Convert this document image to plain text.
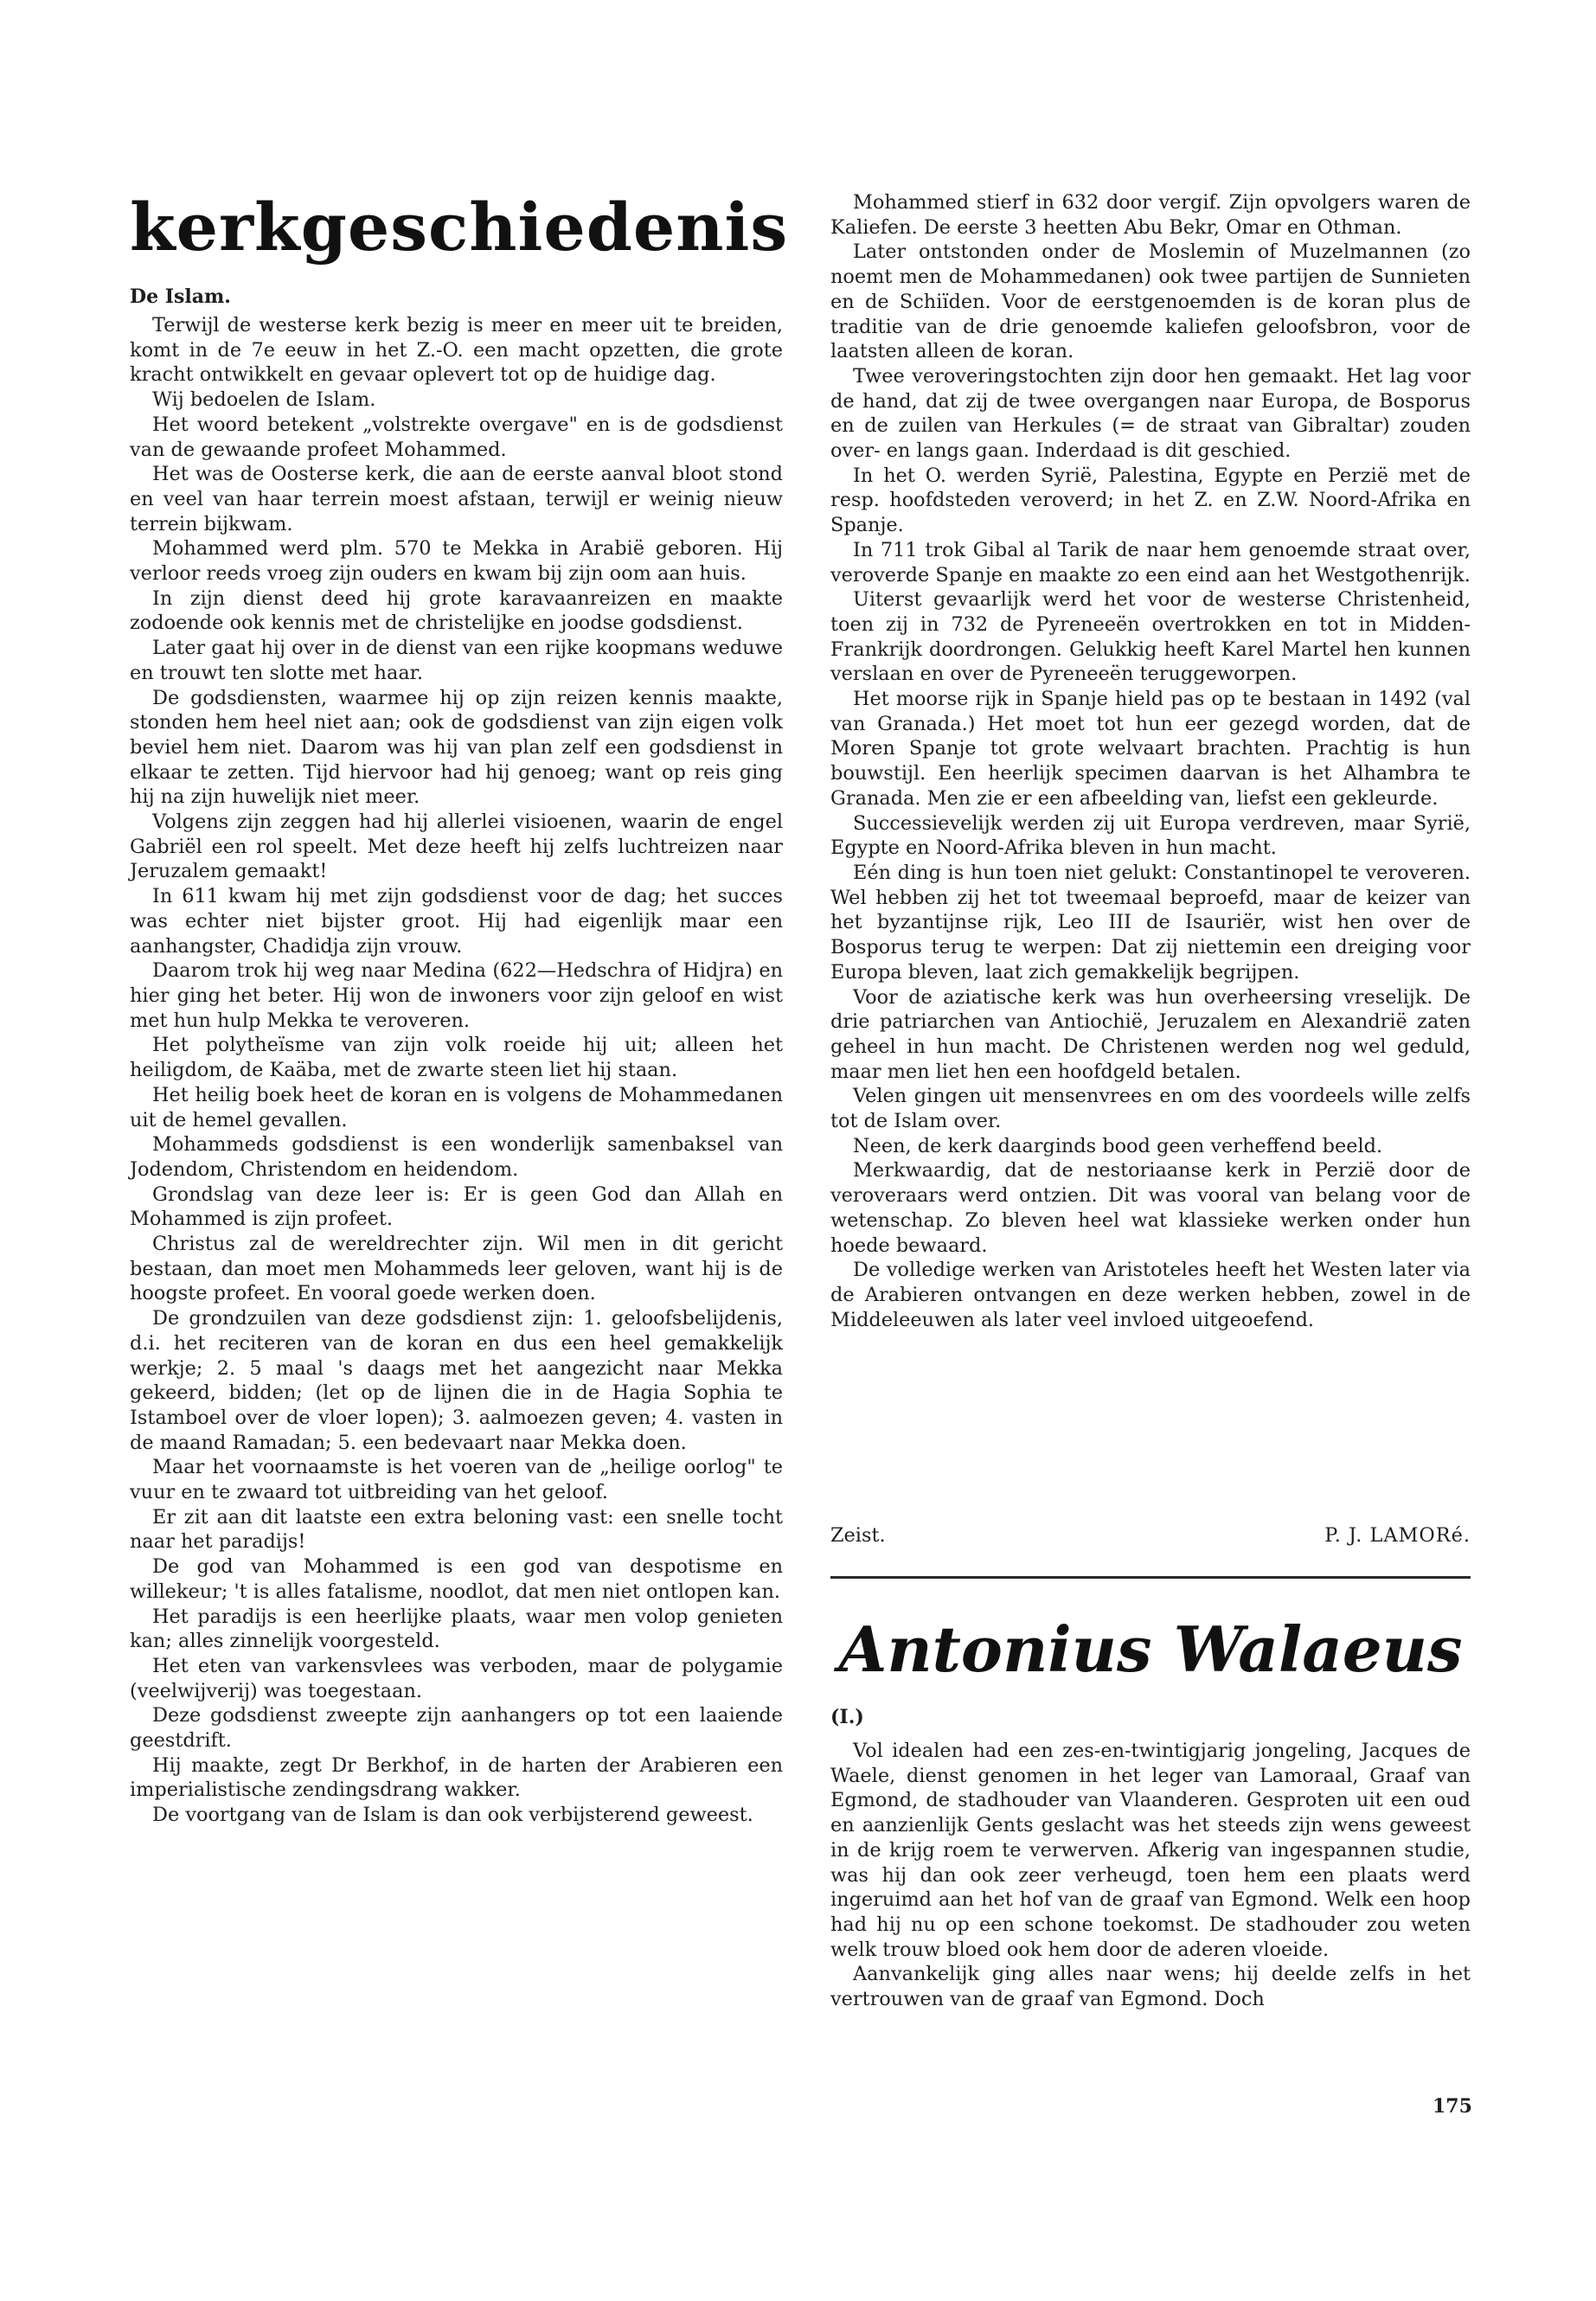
kerkgeschiedenis
De Islam.

Terwijl de westerse kerk bezig is meer en meer uit te breiden, komt in de 7e eeuw in het Z.-O. een macht opzetten, die grote kracht ontwikkelt en gevaar oplevert tot op de huidige dag.

Wij bedoelen de Islam.

Het woord betekent „volstrekte overgave" en is de godsdienst van de gewaande profeet Mohammed.

Het was de Oosterse kerk, die aan de eerste aanval bloot stond en veel van haar terrein moest afstaan, terwijl er weinig nieuw terrein bijkwam.

Mohammed werd plm. 570 te Mekka in Arabië geboren. Hij verloor reeds vroeg zijn ouders en kwam bij zijn oom aan huis.

In zijn dienst deed hij grote karavaanreizen en maakte zodoende ook kennis met de christelijke en joodse godsdienst.

Later gaat hij over in de dienst van een rijke koopmans weduwe en trouwt ten slotte met haar.

De godsdiensten, waarmee hij op zijn reizen kennis maakte, stonden hem heel niet aan; ook de godsdienst van zijn eigen volk beviel hem niet. Daarom was hij van plan zelf een godsdienst in elkaar te zetten. Tijd hiervoor had hij genoeg; want op reis ging hij na zijn huwelijk niet meer.

Volgens zijn zeggen had hij allerlei visioenen, waarin de engel Gabriël een rol speelt. Met deze heeft hij zelfs luchtreizen naar Jeruzalem gemaakt!

In 611 kwam hij met zijn godsdienst voor de dag; het succes was echter niet bijster groot. Hij had eigenlijk maar een aanhangster, Chadidja zijn vrouw.

Daarom trok hij weg naar Medina (622—Hedschra of Hidjra) en hier ging het beter. Hij won de inwoners voor zijn geloof en wist met hun hulp Mekka te veroveren.

Het polytheïsme van zijn volk roeide hij uit; alleen het heiligdom, de Kaäba, met de zwarte steen liet hij staan.

Het heilig boek heet de koran en is volgens de Mohammedanen uit de hemel gevallen.

Mohammeds godsdienst is een wonderlijk samenbaksel van Jodendom, Christendom en heidendom.

Grondslag van deze leer is: Er is geen God dan Allah en Mohammed is zijn profeet.

Christus zal de wereldrechter zijn. Wil men in dit gericht bestaan, dan moet men Mohammeds leer geloven, want hij is de hoogste profeet. En vooral goede werken doen.

De grondzuilen van deze godsdienst zijn: 1. geloofsbelijdenis, d.i. het reciteren van de koran en dus een heel gemakkelijk werkje; 2. 5 maal 's daags met het aangezicht naar Mekka gekeerd, bidden; (let op de lijnen die in de Hagia Sophia te Istamboel over de vloer lopen); 3. aalmoezen geven; 4. vasten in de maand Ramadan; 5. een bedevaart naar Mekka doen.

Maar het voornaamste is het voeren van de „heilige oorlog" te vuur en te zwaard tot uitbreiding van het geloof.

Er zit aan dit laatste een extra beloning vast: een snelle tocht naar het paradijs!

De god van Mohammed is een god van despotisme en willekeur; 't is alles fatalisme, noodlot, dat men niet ontlopen kan.

Het paradijs is een heerlijke plaats, waar men volop genieten kan; alles zinnelijk voorgesteld.

Het eten van varkensvlees was verboden, maar de polygamie (veelwijverij) was toegestaan.

Deze godsdienst zweepte zijn aanhangers op tot een laaiende geestdrift.

Hij maakte, zegt Dr Berkhof, in de harten der Arabieren een imperialistische zendingsdrang wakker.

De voortgang van de Islam is dan ook verbijsterend geweest.

Mohammed stierf in 632 door vergif. Zijn opvolgers waren de Kaliefen. De eerste 3 heetten Abu Bekr, Omar en Othman.

Later ontstonden onder de Moslemin of Muzelmannen (zo noemt men de Mohammedanen) ook twee partijen de Sunnieten en de Schiïden. Voor de eerstgenoemden is de koran plus de traditie van de drie genoemde kaliefen geloofsbron, voor de laatsten alleen de koran.

Twee veroveringstochten zijn door hen gemaakt. Het lag voor de hand, dat zij de twee overgangen naar Europa, de Bosporus en de zuilen van Herkules (= de straat van Gibraltar) zouden over- en langs gaan. Inderdaad is dit geschied.

In het O. werden Syrië, Palestina, Egypte en Perzië met de resp. hoofdsteden veroverd; in het Z. en Z.W. Noord-Afrika en Spanje.

In 711 trok Gibal al Tarik de naar hem genoemde straat over, veroverde Spanje en maakte zo een eind aan het Westgothenrijk.

Uiterst gevaarlijk werd het voor de westerse Christenheid, toen zij in 732 de Pyreneeën overtrokken en tot in Midden-Frankrijk doordrongen. Gelukkig heeft Karel Martel hen kunnen verslaan en over de Pyreneeën teruggeworpen.

Het moorse rijk in Spanje hield pas op te bestaan in 1492 (val van Granada.) Het moet tot hun eer gezegd worden, dat de Moren Spanje tot grote welvaart brachten. Prachtig is hun bouwstijl. Een heerlijk specimen daarvan is het Alhambra te Granada. Men zie er een afbeelding van, liefst een gekleurde.

Successievelijk werden zij uit Europa verdreven, maar Syrië, Egypte en Noord-Afrika bleven in hun macht.

Eén ding is hun toen niet gelukt: Constantinopel te veroveren. Wel hebben zij het tot tweemaal beproefd, maar de keizer van het byzantijnse rijk, Leo III de Isauriër, wist hen over de Bosporus terug te werpen: Dat zij niettemin een dreiging voor Europa bleven, laat zich gemakkelijk begrijpen.

Voor de aziatische kerk was hun overheersing vreselijk. De drie patriarchen van Antiochië, Jeruzalem en Alexandrië zaten geheel in hun macht. De Christenen werden nog wel geduld, maar men liet hen een hoofdgeld betalen.

Velen gingen uit mensenvrees en om des voordeels wille zelfs tot de Islam over.

Neen, de kerk daarginds bood geen verheffend beeld.

Merkwaardig, dat de nestoriaanse kerk in Perzië door de veroveraars werd ontzien. Dit was vooral van belang voor de wetenschap. Zo bleven heel wat klassieke werken onder hun hoede bewaard.

De volledige werken van Aristoteles heeft het Westen later via de Arabieren ontvangen en deze werken hebben, zowel in de Middeleeuwen als later veel invloed uitgeoefend.

Zeist.	P. J. LAMORé.
Antonius Walaeus
(I.)

Vol idealen had een zes-en-twintigjarig jongeling, Jacques de Waele, dienst genomen in het leger van Lamoraal, Graaf van Egmond, de stadhouder van Vlaanderen. Gesproten uit een oud en aanzienlijk Gents geslacht was het steeds zijn wens geweest in de krijg roem te verwerven. Afkerig van ingespannen studie, was hij dan ook zeer verheugd, toen hem een plaats werd ingeruimd aan het hof van de graaf van Egmond. Welk een hoop had hij nu op een schone toekomst. De stadhouder zou weten welk trouw bloed ook hem door de aderen vloeide.

Aanvankelijk ging alles naar wens; hij deelde zelfs in het vertrouwen van de graaf van Egmond. Doch

175
